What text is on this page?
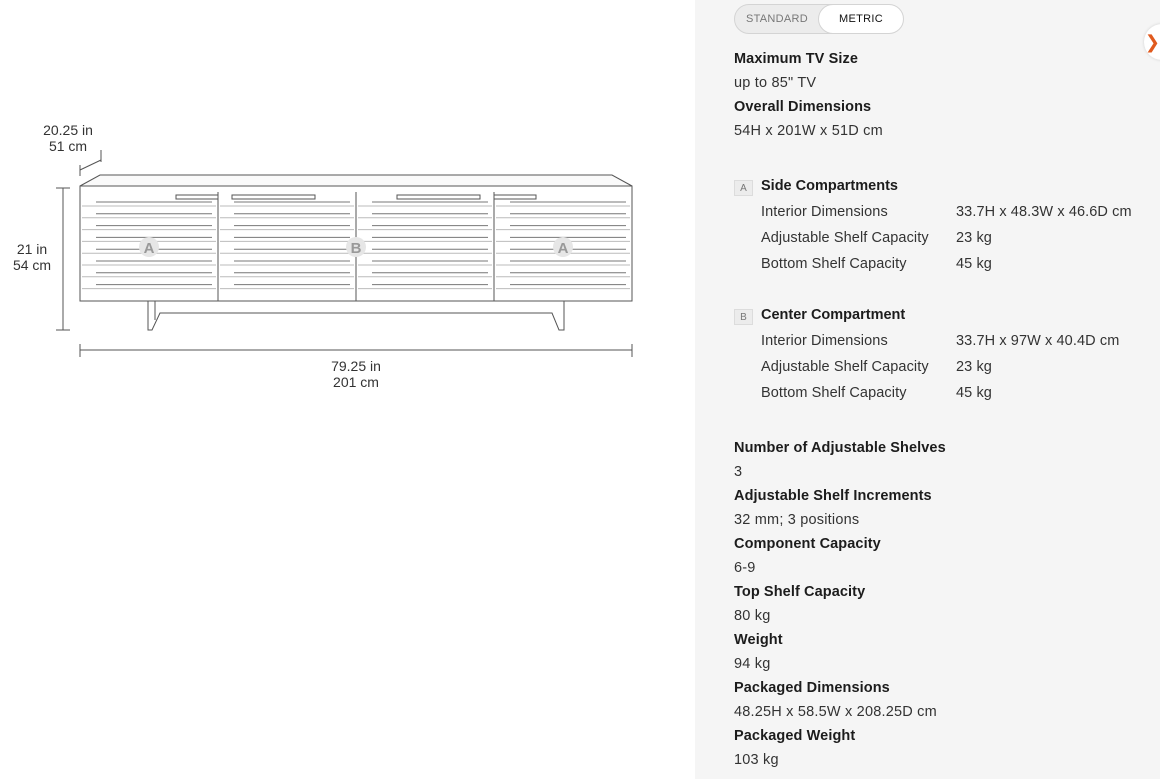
A	B	A
20.25 in
51 cm
21 in
54 cm
79.25 in
201 cm
STANDARD	METRIC
❯
Maximum TV Size
up to 85" TV
Overall Dimensions
54H x 201W x 51D cm
A Side Compartments
Interior Dimensions	33.7H x 48.3W x 46.6D cm
Adjustable Shelf Capacity 23 kg
Bottom Shelf Capacity	45 kg
B Center Compartment
Interior Dimensions	33.7H x 97W x 40.4D cm
Adjustable Shelf Capacity 23 kg
Bottom Shelf Capacity	45 kg
Number of Adjustable Shelves
3
Adjustable Shelf Increments
32 mm; 3 positions
Component Capacity
6-9
Top Shelf Capacity
80 kg
Weight
94 kg
Packaged Dimensions
48.25H x 58.5W x 208.25D cm
Packaged Weight
103 kg
